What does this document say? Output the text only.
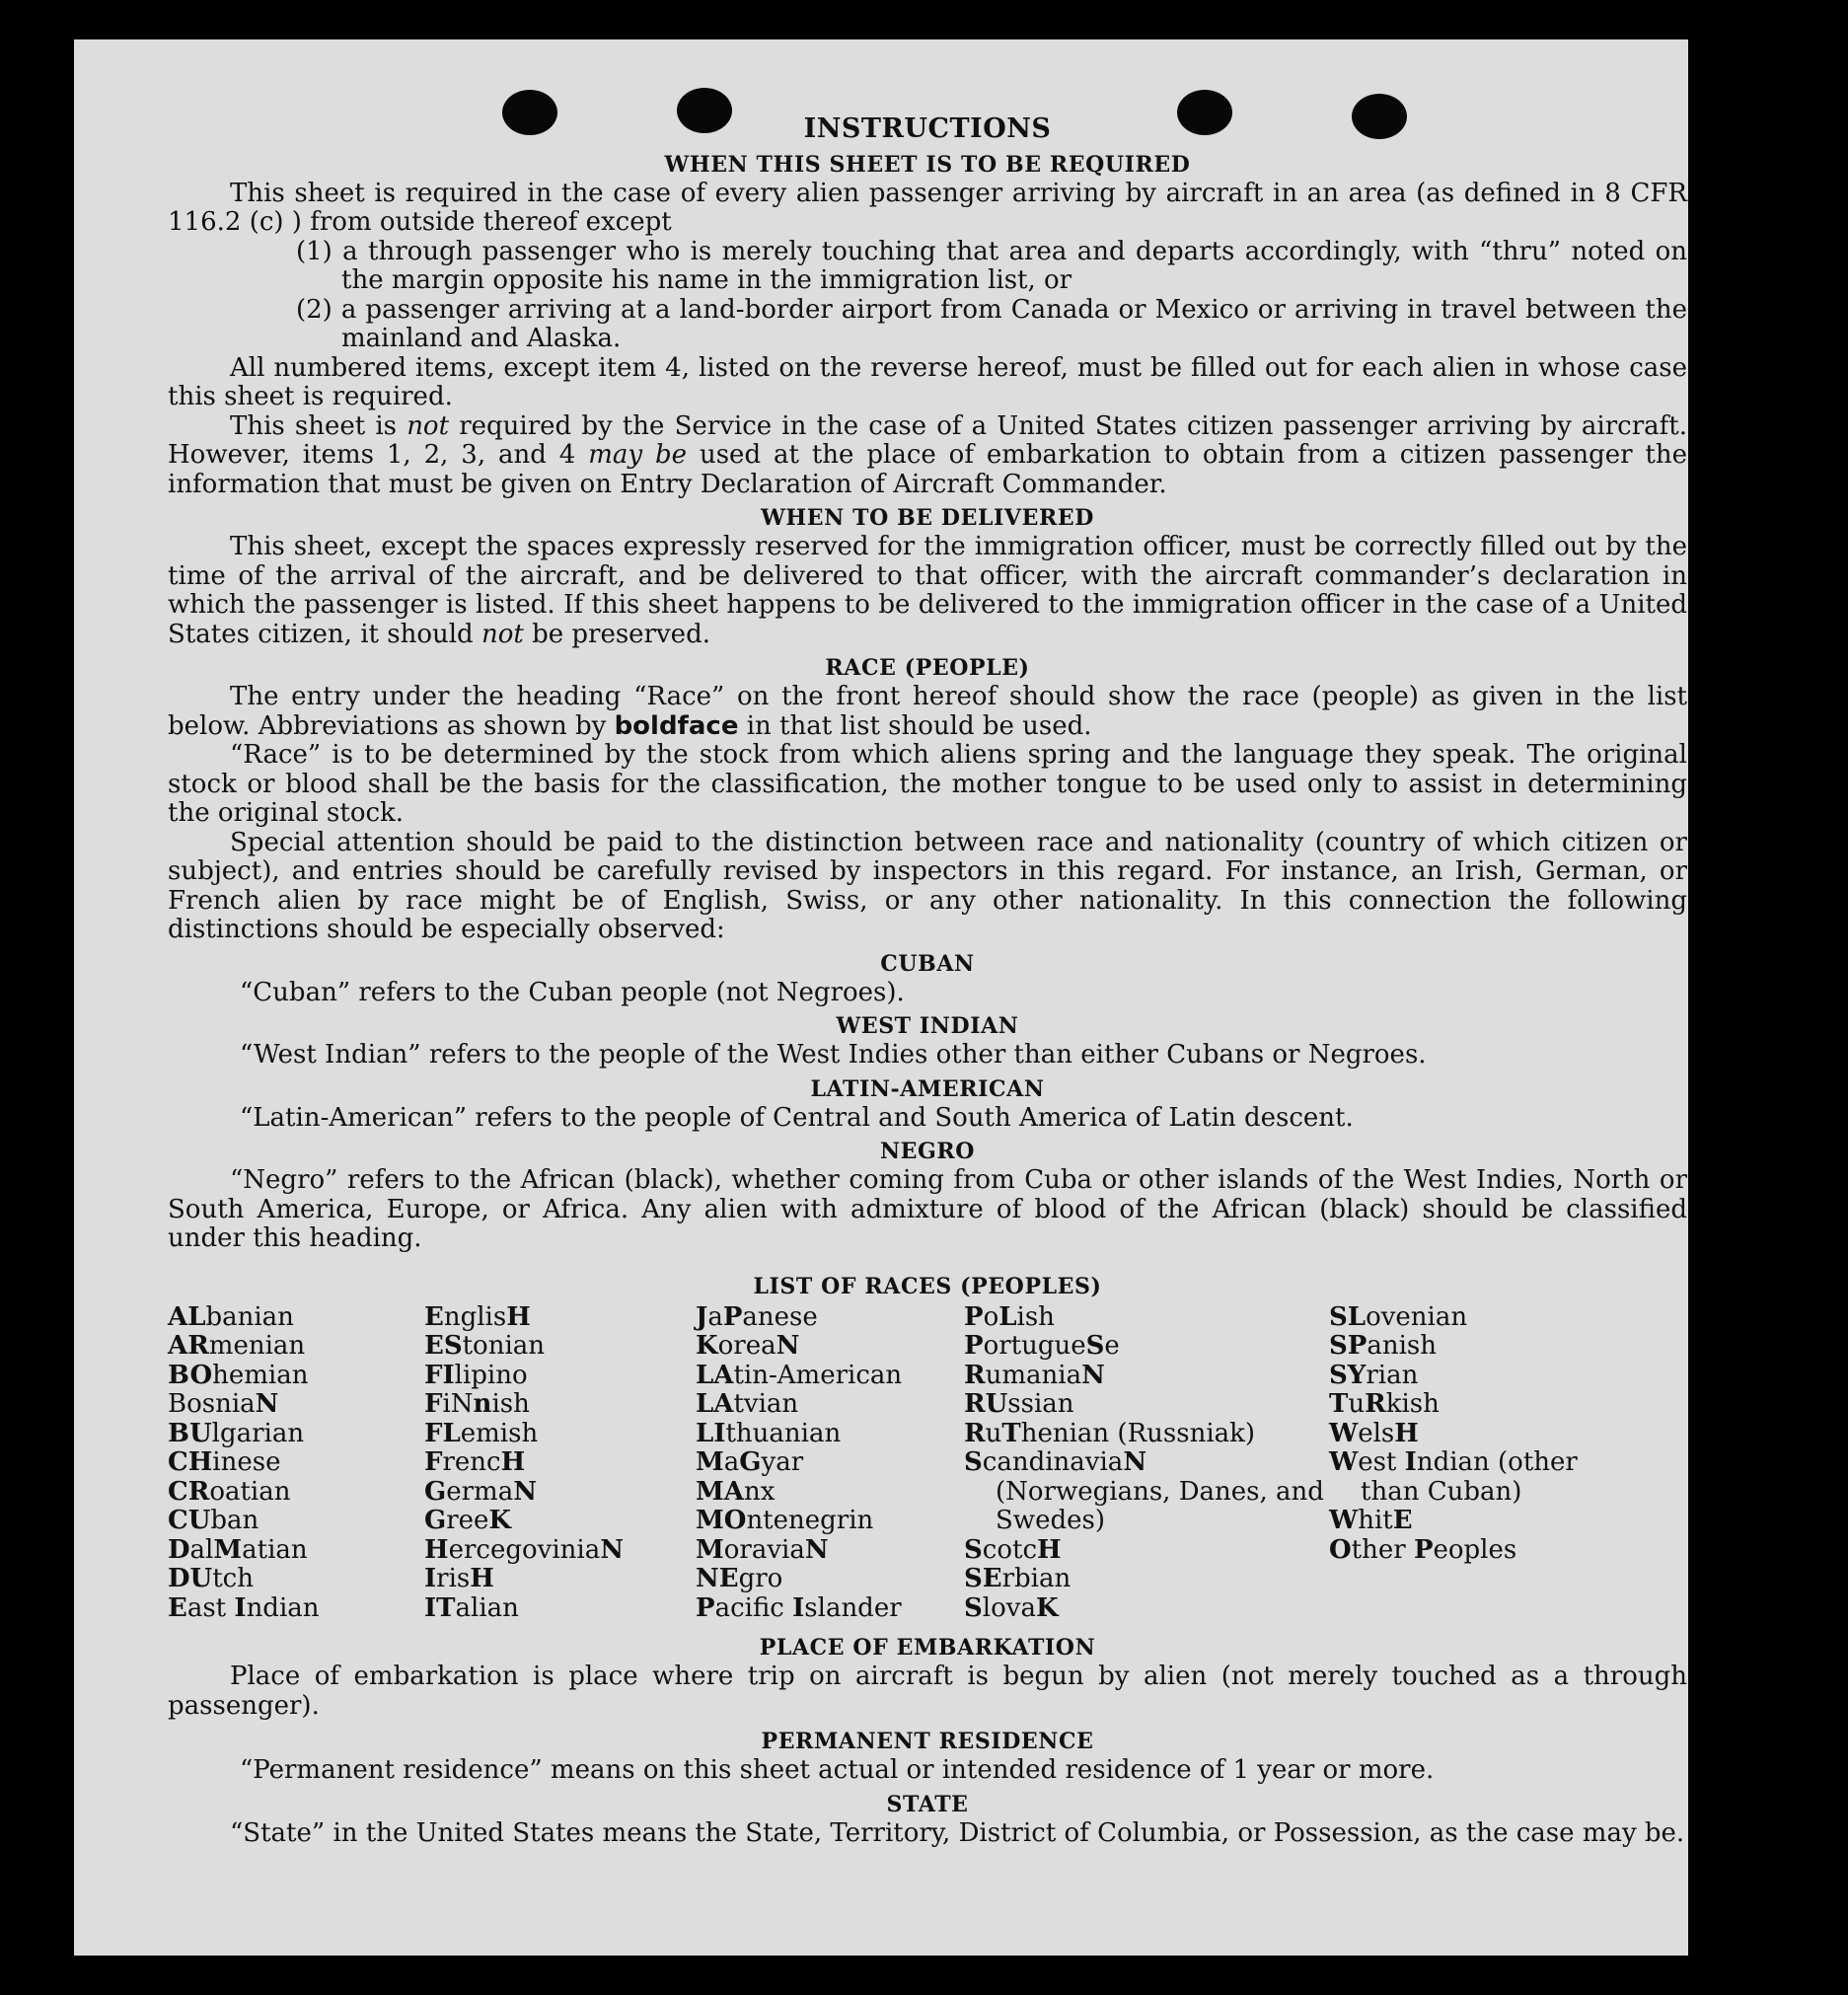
INSTRUCTIONS
WHEN THIS SHEET IS TO BE REQUIRED

This sheet is required in the case of every alien passenger arriving by aircraft in an area (as defined in 8 CFR 116.2 (c) ) from outside thereof except

(1) a through passenger who is merely touching that area and departs accordingly, with “thru” noted on the margin opposite his name in the immigration list, or
(2) a passenger arriving at a land-border airport from Canada or Mexico or arriving in travel between the mainland and Alaska.

All numbered items, except item 4, listed on the reverse hereof, must be filled out for each alien in whose case this sheet is required.

This sheet is not required by the Service in the case of a United States citizen passenger arriving by aircraft. However, items 1, 2, 3, and 4 may be used at the place of embarkation to obtain from a citizen passenger the information that must be given on Entry Declaration of Aircraft Commander.

WHEN TO BE DELIVERED

This sheet, except the spaces expressly reserved for the immigration officer, must be correctly filled out by the time of the arrival of the aircraft, and be delivered to that officer, with the aircraft commander’s declaration in which the passenger is listed. If this sheet happens to be delivered to the immigration officer in the case of a United States citizen, it should not be preserved.

RACE (PEOPLE)

The entry under the heading “Race” on the front hereof should show the race (people) as given in the list below. Abbreviations as shown by boldface in that list should be used.

“Race” is to be determined by the stock from which aliens spring and the language they speak. The original stock or blood shall be the basis for the classification, the mother tongue to be used only to assist in determining the original stock.

Special attention should be paid to the distinction between race and nationality (country of which citizen or subject), and entries should be carefully revised by inspectors in this regard. For instance, an Irish, German, or French alien by race might be of English, Swiss, or any other nationality. In this connection the following distinctions should be especially observed:

CUBAN
“Cuban” refers to the Cuban people (not Negroes).
WEST INDIAN
“West Indian” refers to the people of the West Indies other than either Cubans or Negroes.
LATIN-AMERICAN
“Latin-American” refers to the people of Central and South America of Latin descent.
NEGRO

“Negro” refers to the African (black), whether coming from Cuba or other islands of the West Indies, North or South America, Europe, or Africa. Any alien with admixture of blood of the African (black) should be classified under this heading.

LIST OF RACES (PEOPLES)
ALbanian
ARmenian
BOhemian
BosniaN
BUlgarian
CHinese
CRoatian
CUban
DalMatian
DUtch
East Indian
EnglisH
EStonian
FIlipino
FiNnish
FLemish
FrencH
GermaN
GreeK
HercegoviniaN
IrisH
ITalian
JaPanese
KoreaN
LAtin-American
LAtvian
LIthuanian
MaGyar
MAnx
MOntenegrin
MoraviaN
NEgro
Pacific Islander
PoLish
PortugueSe
RumaniaN
RUssian
RuThenian (Russniak)
ScandinaviaN (Norwegians, Danes, and Swedes)
ScotcH
SErbian
SlovaK
SLovenian
SPanish
SYrian
TuRkish
WelsH
West Indian (other than Cuban)
WhitE
Other Peoples
PLACE OF EMBARKATION

Place of embarkation is place where trip on aircraft is begun by alien (not merely touched as a through passenger).

PERMANENT RESIDENCE
“Permanent residence” means on this sheet actual or intended residence of 1 year or more.
STATE

“State” in the United States means the State, Territory, District of Columbia, or Possession, as the case may be.
